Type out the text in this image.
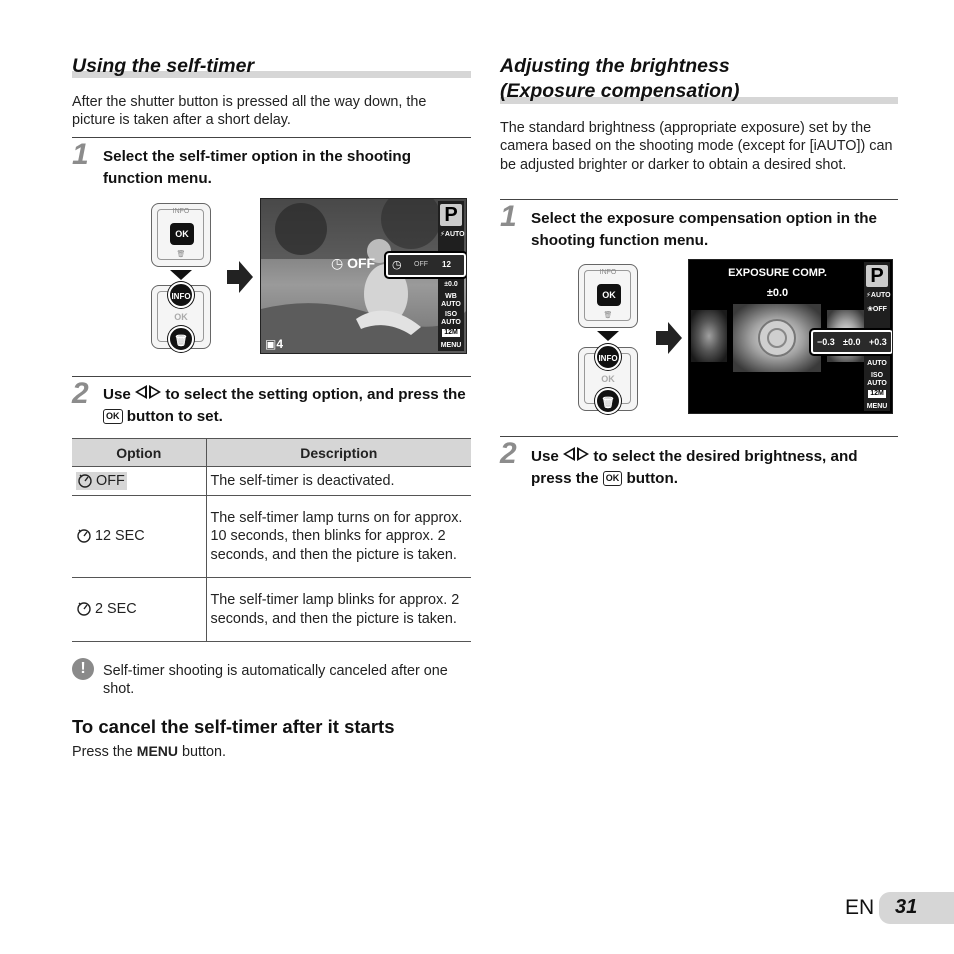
Using the self-timer
After the shutter button is pressed all the way down, the picture is taken after a short delay.
1 Select the self-timer option in the shooting function menu.
INFO
OK
🗑
INFO
OK
🗑
P
⚡AUTO
±0.0
WB
AUTO
ISO
AUTO
12M
MENU
◷ OFF 12
◷ OFF
▣4
2 Use to select the setting option, and press the OK button to set.
Option	Description
OFF	The self-timer is deactivated.
12 SEC	The self-timer lamp turns on for approx. 10 seconds, then blinks for approx. 2 seconds, and then the picture is taken.
2 SEC	The self-timer lamp blinks for approx. 2 seconds, and then the picture is taken.
!	Self-timer shooting is automatically canceled after one shot.
To cancel the self-timer after it starts
Press the MENU button.
Adjusting the brightness
(Exposure compensation)
The standard brightness (appropriate exposure) set by the camera based on the shooting mode (except for [iAUTO]) can be adjusted brighter or darker to obtain a desired shot.
1 Select the exposure compensation option in the shooting function menu.
INFO
OK
🗑
INFO
OK
🗑
EXPOSURE COMP.
±0.0
P
⚡AUTO
❀OFF
AUTO
ISO
AUTO
12M
MENU
−0.3 ±0.0 +0.3
2 Use to select the desired brightness, and press the OK button.
EN 31
